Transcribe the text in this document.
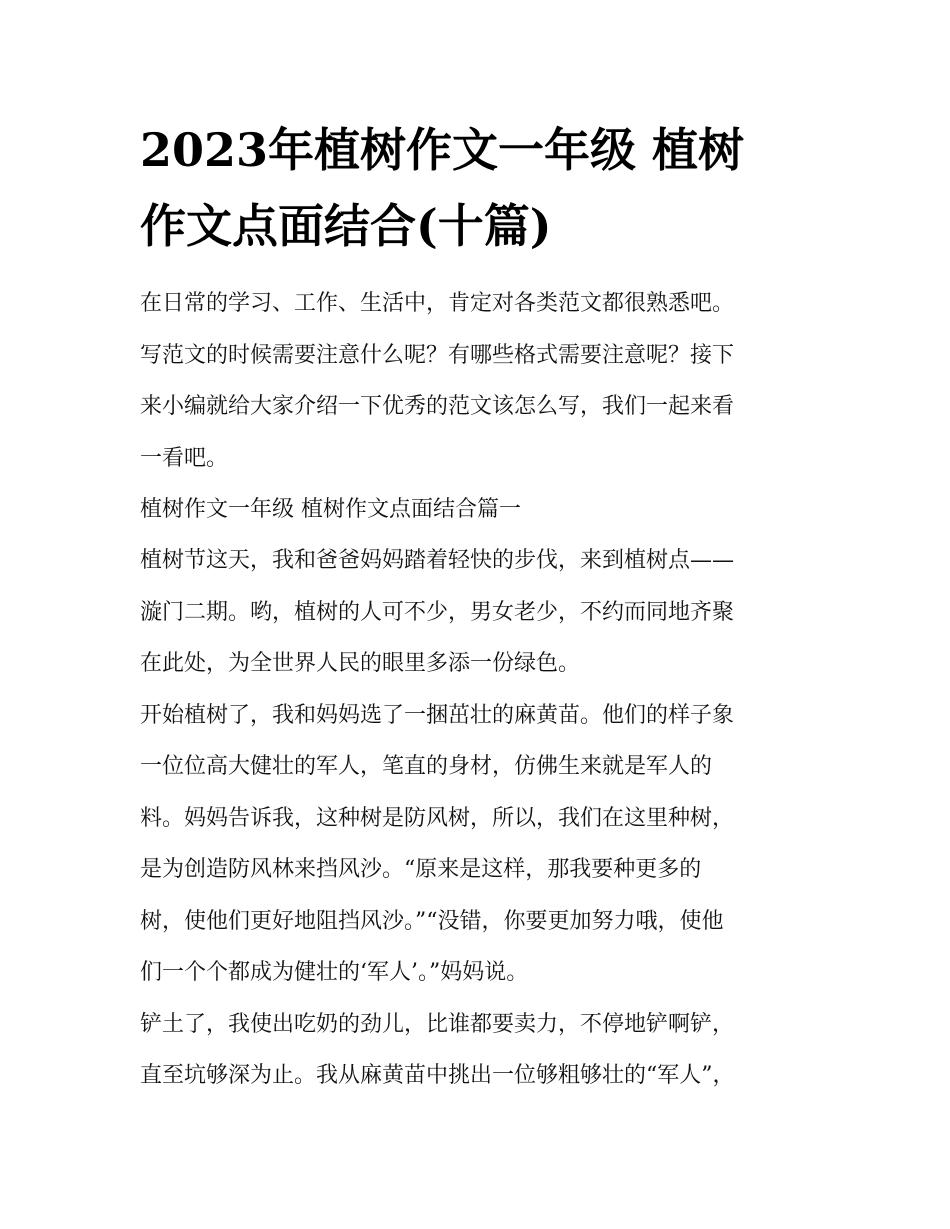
2023年植树作文一年级 植树
作文点面结合(十篇)

在日常的学习、工作、生活中，肯定对各类范文都很熟悉吧。
写范文的时候需要注意什么呢？有哪些格式需要注意呢？接下
来小编就给大家介绍一下优秀的范文该怎么写，我们一起来看
一看吧。

植树作文一年级 植树作文点面结合篇一

植树节这天，我和爸爸妈妈踏着轻快的步伐，来到植树点——
漩门二期。哟，植树的人可不少，男女老少，不约而同地齐聚
在此处，为全世界人民的眼里多添一份绿色。

开始植树了，我和妈妈选了一捆茁壮的麻黄苗。他们的样子象
一位位高大健壮的军人，笔直的身材，仿佛生来就是军人的
料。妈妈告诉我，这种树是防风树，所以，我们在这里种树，
是为创造防风林来挡风沙。“原来是这样，那我要种更多的
树，使他们更好地阻挡风沙。”“没错，你要更加努力哦，使他
们一个个都成为健壮的‘军人’。”妈妈说。

铲土了，我使出吃奶的劲儿，比谁都要卖力，不停地铲啊铲，
直至坑够深为止。我从麻黄苗中挑出一位够粗够壮的“军人”，
